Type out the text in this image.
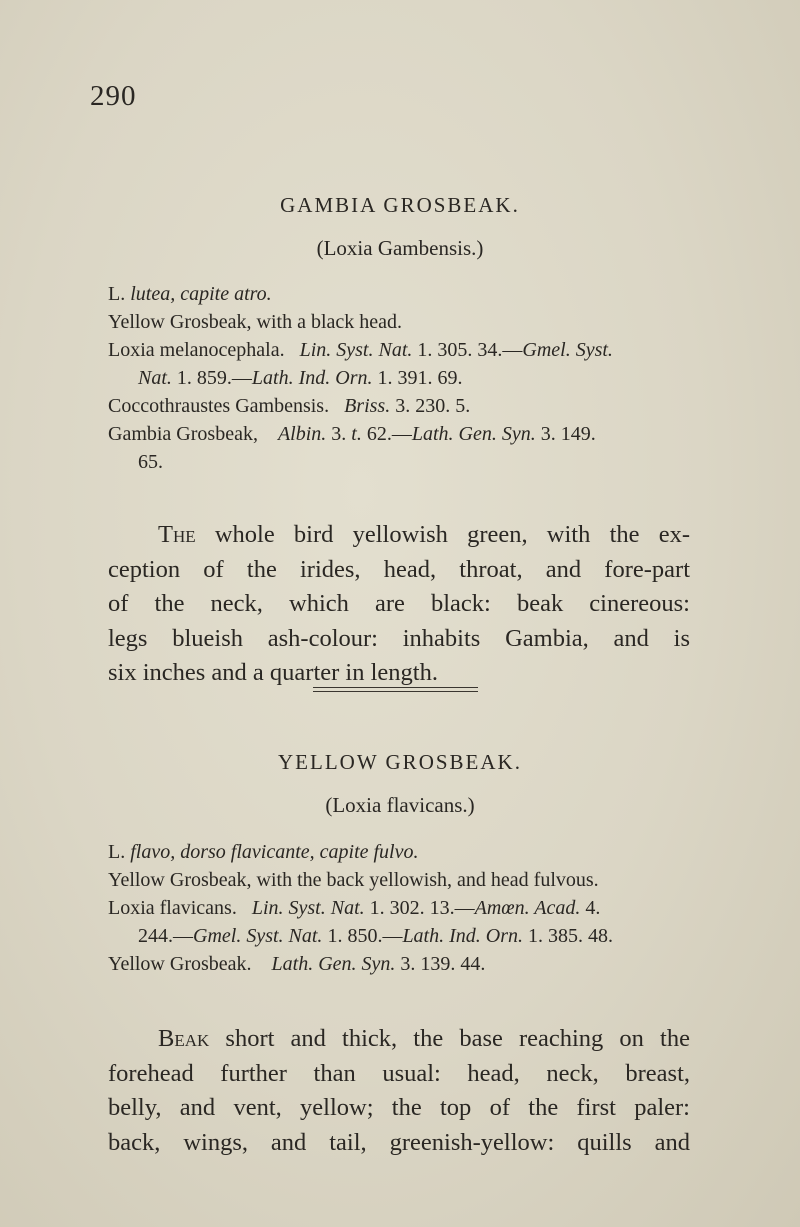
290
GAMBIA GROSBEAK.
(Loxia Gambensis.)
L. lutea, capite atro.
Yellow Grosbeak, with a black head.
Loxia melanocephala. Lin. Syst. Nat. 1. 305. 34.—Gmel. Syst.
Nat. 1. 859.—Lath. Ind. Orn. 1. 391. 69.
Coccothraustes Gambensis. Briss. 3. 230. 5.
Gambia Grosbeak, Albin. 3. t. 62.—Lath. Gen. Syn. 3. 149.
65.
The whole bird yellowish green, with the ex-
ception of the irides, head, throat, and fore-part
of the neck, which are black: beak cinereous:
legs blueish ash-colour: inhabits Gambia, and is
six inches and a quarter in length.
YELLOW GROSBEAK.
(Loxia flavicans.)
L. flavo, dorso flavicante, capite fulvo.
Yellow Grosbeak, with the back yellowish, and head fulvous.
Loxia flavicans. Lin. Syst. Nat. 1. 302. 13.—Amœn. Acad. 4.
244.—Gmel. Syst. Nat. 1. 850.—Lath. Ind. Orn. 1. 385. 48.
Yellow Grosbeak. Lath. Gen. Syn. 3. 139. 44.
Beak short and thick, the base reaching on the
forehead further than usual: head, neck, breast,
belly, and vent, yellow; the top of the first paler:
back, wings, and tail, greenish-yellow: quills and
